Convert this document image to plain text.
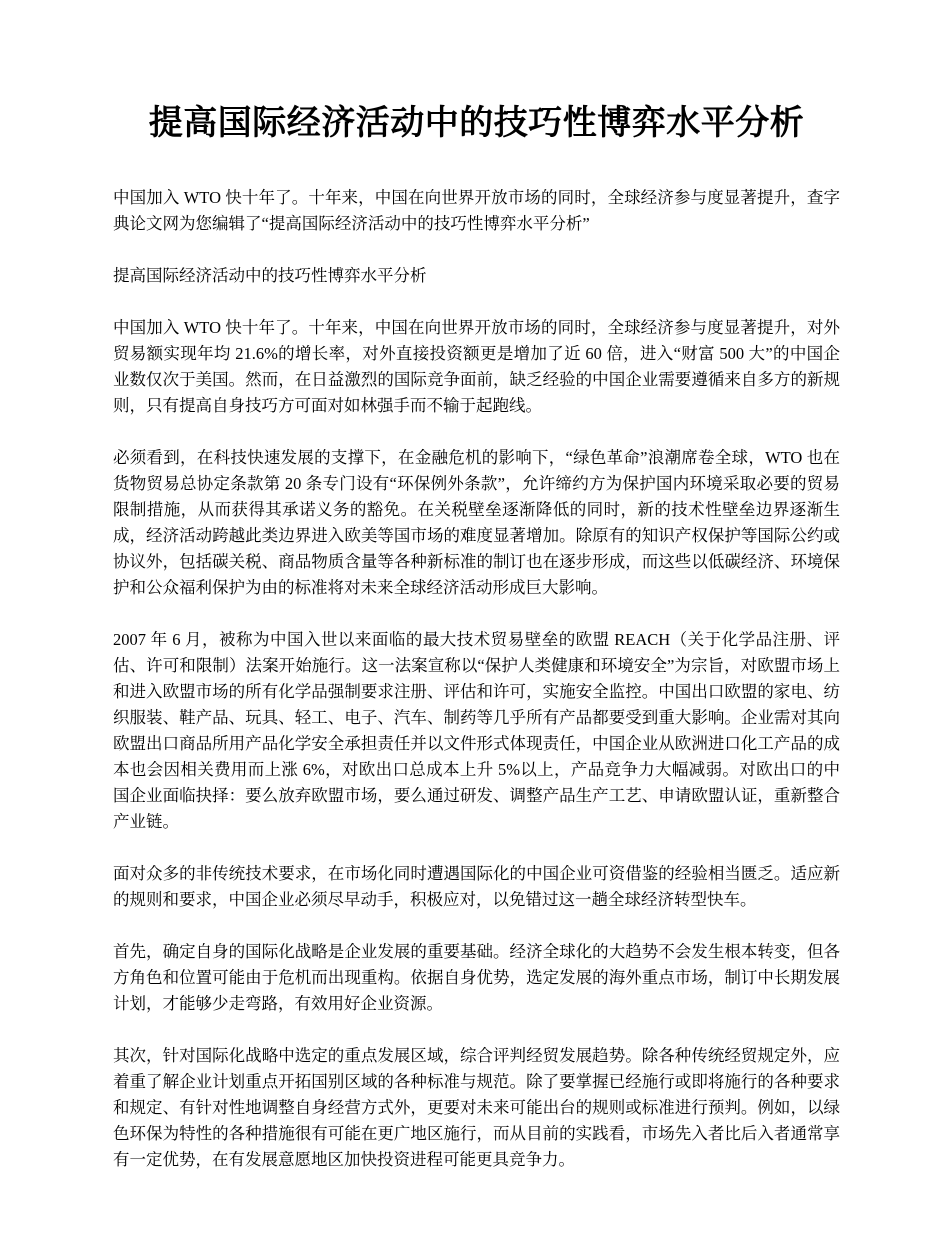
提高国际经济活动中的技巧性博弈水平分析

中国加入 WTO 快十年了。十年来，中国在向世界开放市场的同时，全球经济参与度显著提升，查字典论文网为您编辑了“提高国际经济活动中的技巧性博弈水平分析”

提高国际经济活动中的技巧性博弈水平分析

中国加入 WTO 快十年了。十年来，中国在向世界开放市场的同时，全球经济参与度显著提升，对外贸易额实现年均 21.6%的增长率，对外直接投资额更是增加了近 60 倍，进入“财富 500 大”的中国企业数仅次于美国。然而，在日益激烈的国际竞争面前，缺乏经验的中国企业需要遵循来自多方的新规则，只有提高自身技巧方可面对如林强手而不输于起跑线。

必须看到，在科技快速发展的支撑下，在金融危机的影响下，“绿色革命”浪潮席卷全球，WTO 也在货物贸易总协定条款第 20 条专门设有“环保例外条款”，允许缔约方为保护国内环境采取必要的贸易限制措施，从而获得其承诺义务的豁免。在关税壁垒逐渐降低的同时，新的技术性壁垒边界逐渐生成，经济活动跨越此类边界进入欧美等国市场的难度显著增加。除原有的知识产权保护等国际公约或协议外，包括碳关税、商品物质含量等各种新标准的制订也在逐步形成，而这些以低碳经济、环境保护和公众福利保护为由的标准将对未来全球经济活动形成巨大影响。

2007 年 6 月，被称为中国入世以来面临的最大技术贸易壁垒的欧盟 REACH（关于化学品注册、评估、许可和限制）法案开始施行。这一法案宣称以“保护人类健康和环境安全”为宗旨，对欧盟市场上和进入欧盟市场的所有化学品强制要求注册、评估和许可，实施安全监控。中国出口欧盟的家电、纺织服装、鞋产品、玩具、轻工、电子、汽车、制药等几乎所有产品都要受到重大影响。企业需对其向欧盟出口商品所用产品化学安全承担责任并以文件形式体现责任，中国企业从欧洲进口化工产品的成本也会因相关费用而上涨 6%，对欧出口总成本上升 5%以上，产品竞争力大幅减弱。对欧出口的中国企业面临抉择：要么放弃欧盟市场，要么通过研发、调整产品生产工艺、申请欧盟认证，重新整合产业链。

面对众多的非传统技术要求，在市场化同时遭遇国际化的中国企业可资借鉴的经验相当匮乏。适应新的规则和要求，中国企业必须尽早动手，积极应对，以免错过这一趟全球经济转型快车。

首先，确定自身的国际化战略是企业发展的重要基础。经济全球化的大趋势不会发生根本转变，但各方角色和位置可能由于危机而出现重构。依据自身优势，选定发展的海外重点市场，制订中长期发展计划，才能够少走弯路，有效用好企业资源。

其次，针对国际化战略中选定的重点发展区域，综合评判经贸发展趋势。除各种传统经贸规定外，应着重了解企业计划重点开拓国别区域的各种标准与规范。除了要掌握已经施行或即将施行的各种要求和规定、有针对性地调整自身经营方式外，更要对未来可能出台的规则或标准进行预判。例如，以绿色环保为特性的各种措施很有可能在更广地区施行，而从目前的实践看，市场先入者比后入者通常享有一定优势，在有发展意愿地区加快投资进程可能更具竞争力。
